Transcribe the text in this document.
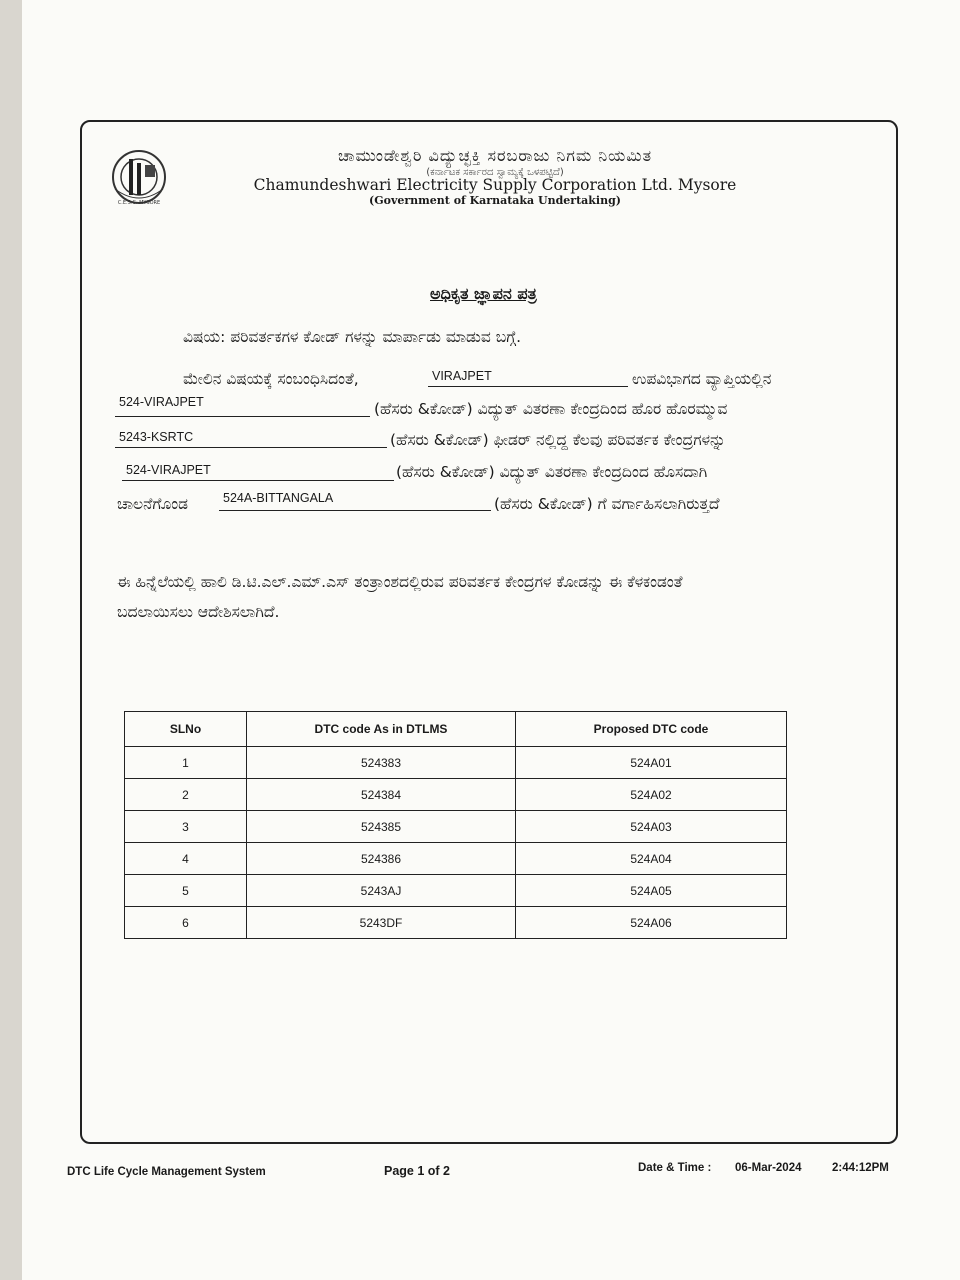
C.E.S.C. MYSORE
ಚಾಮುಂಡೇಶ್ವರಿ ವಿದ್ಯುಚ್ಛಕ್ತಿ ಸರಬರಾಜು ನಿಗಮ ನಿಯಮಿತ
(ಕರ್ನಾಟಕ ಸರ್ಕಾರದ ಸ್ವಾಮ್ಯಕ್ಕೆ ಒಳಪಟ್ಟಿದೆ)
Chamundeshwari Electricity Supply Corporation Ltd. Mysore
(Government of Karnataka Undertaking)
ಅಧಿಕೃತ ಜ್ಞಾಪನ ಪತ್ರ
ವಿಷಯ: ಪರಿವರ್ತಕಗಳ ಕೋಡ್ ಗಳನ್ನು ಮಾರ್ಪಾಡು ಮಾಡುವ ಬಗ್ಗೆ.
ಮೇಲಿನ ವಿಷಯಕ್ಕೆ ಸಂಬಂಧಿಸಿದಂತೆ,	VIRAJPET	ಉಪವಿಭಾಗದ ವ್ಯಾಪ್ತಿಯಲ್ಲಿನ
524-VIRAJPET	(ಹೆಸರು &ಕೋಡ್) ವಿದ್ಯುತ್ ವಿತರಣಾ ಕೇಂದ್ರದಿಂದ ಹೊರ ಹೊರಮ್ಮುವ
5243-KSRTC	(ಹೆಸರು &ಕೋಡ್) ಫೀಡರ್ ನಲ್ಲಿದ್ದ ಕೆಲವು ಪರಿವರ್ತಕ ಕೇಂದ್ರಗಳನ್ನು
524-VIRAJPET	(ಹೆಸರು &ಕೋಡ್) ವಿದ್ಯುತ್ ವಿತರಣಾ ಕೇಂದ್ರದಿಂದ ಹೊಸದಾಗಿ
ಚಾಲನೆಗೊಂಡ	524A-BITTANGALA	(ಹೆಸರು &ಕೋಡ್) ಗೆ ವರ್ಗಾಹಿಸಲಾಗಿರುತ್ತದೆ
ಈ ಹಿನ್ನೆಲೆಯಲ್ಲಿ ಹಾಲಿ ಡಿ.ಟಿ.ಎಲ್.ಎಮ್.ಎಸ್ ತಂತ್ರಾಂಶದಲ್ಲಿರುವ ಪರಿವರ್ತಕ ಕೇಂದ್ರಗಳ ಕೋಡನ್ನು ಈ ಕೆಳಕಂಡಂತೆ
ಬದಲಾಯಿಸಲು ಆದೇಶಿಸಲಾಗಿದೆ.
SLNo	DTC code As in DTLMS	Proposed DTC code
1	524383	524A01
2	524384	524A02
3	524385	524A03
4	524386	524A04
5	5243AJ	524A05
6	5243DF	524A06
DTC Life Cycle Management System	Page 1 of 2	Date & Time : 06-Mar-2024	2:44:12PM
